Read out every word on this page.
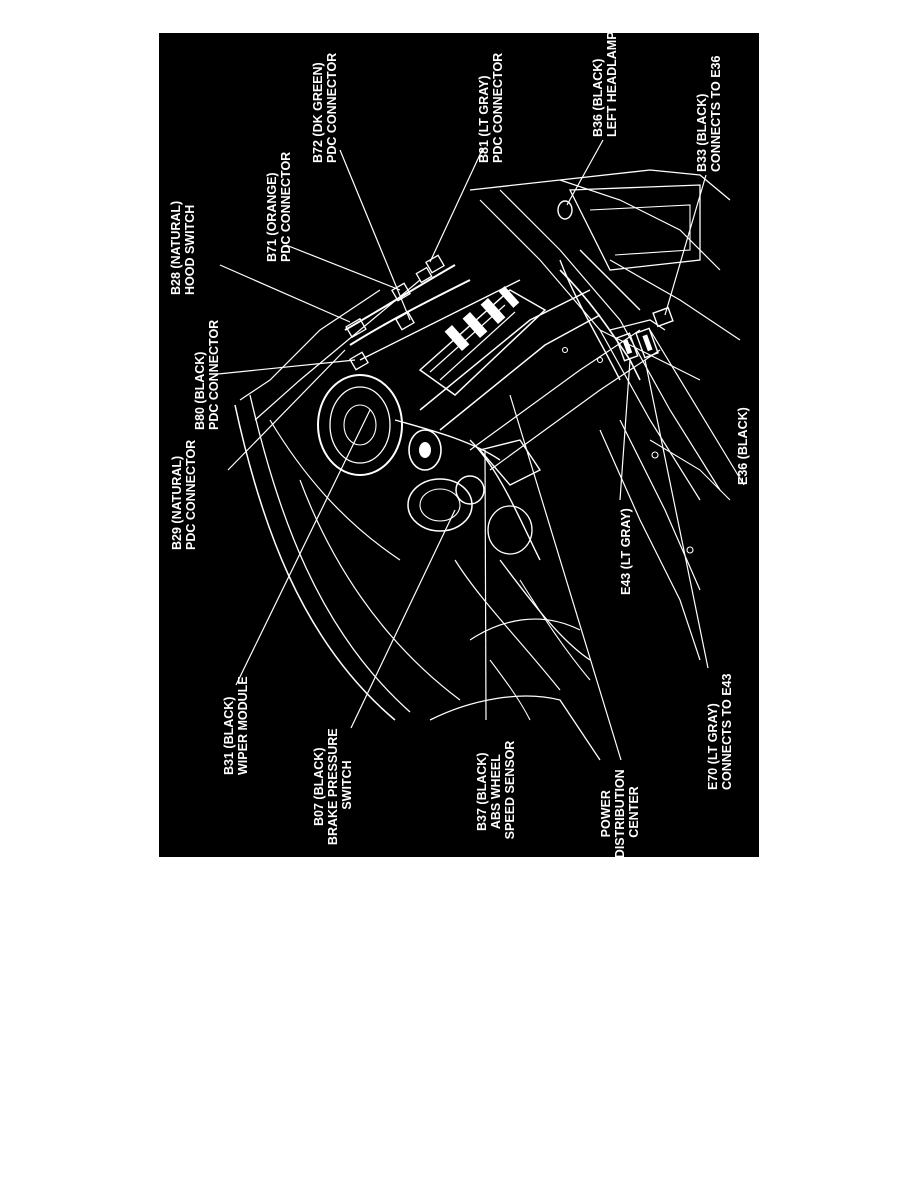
B29 (NATURAL) PDC CONNECTOR
B80 (BLACK) PDC CONNECTOR
B28 (NATURAL) HOOD SWITCH	B71 (ORANGE) PDC CONNECTOR
B72 (DK GREEN) PDC CONNECTOR	B81 (LT GRAY) PDC CONNECTOR	B36 (BLACK) LEFT HEADLAMP	B33 (BLACK) CONNECTS TO E36
B31 (BLACK) WIPER MODULE
B07 (BLACK) BRAKE PRESSURE SWITCH	B37 (BLACK) ABS WHEEL SPEED SENSOR	POWER DISTRIBUTION CENTER
E43 (LT GRAY)
E70 (LT GRAY) CONNECTS TO E43
E36 (BLACK)
